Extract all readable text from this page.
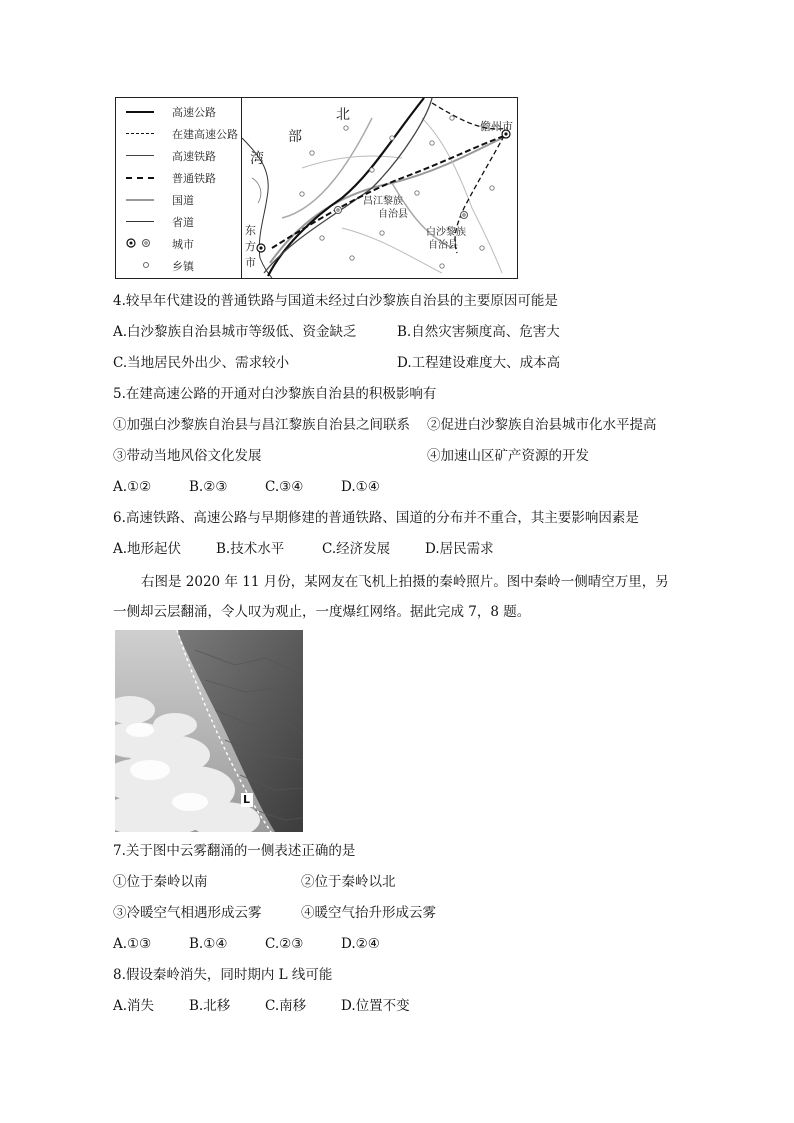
高速公路
在建高速公路
高速铁路
普通铁路
国道
省道
城市
乡镇
北
部
湾
儋州市
昌江黎族
自治县
白沙黎族
自治县
东
方
市
4.较早年代建设的普通铁路与国道未经过白沙黎族自治县的主要原因可能是
A.白沙黎族自治县城市等级低、资金缺乏	B.自然灾害频度高、危害大
C.当地居民外出少、需求较小	D.工程建设难度大、成本高
5.在建高速公路的开通对白沙黎族自治县的积极影响有
①加强白沙黎族自治县与昌江黎族自治县之间联系 ②促进白沙黎族自治县城市化水平提高
③带动当地风俗文化发展	④加速山区矿产资源的开发
A.①②	B.②③	C.③④	D.①④
6.高速铁路、高速公路与早期修建的普通铁路、国道的分布并不重合，其主要影响因素是
A.地形起伏	B.技术水平	C.经济发展	D.居民需求
右图是 2020 年 11 月份，某网友在飞机上拍摄的秦岭照片。图中秦岭一侧晴空万里，另
一侧却云层翻涌，令人叹为观止，一度爆红网络。据此完成 7，8 题。
L
7.关于图中云雾翻涌的一侧表述正确的是
①位于秦岭以南	②位于秦岭以北
③冷暖空气相遇形成云雾	④暖空气抬升形成云雾
A.①③	B.①④	C.②③	D.②④
8.假设秦岭消失，同时期内 L 线可能
A.消失	B.北移	C.南移	D.位置不变
